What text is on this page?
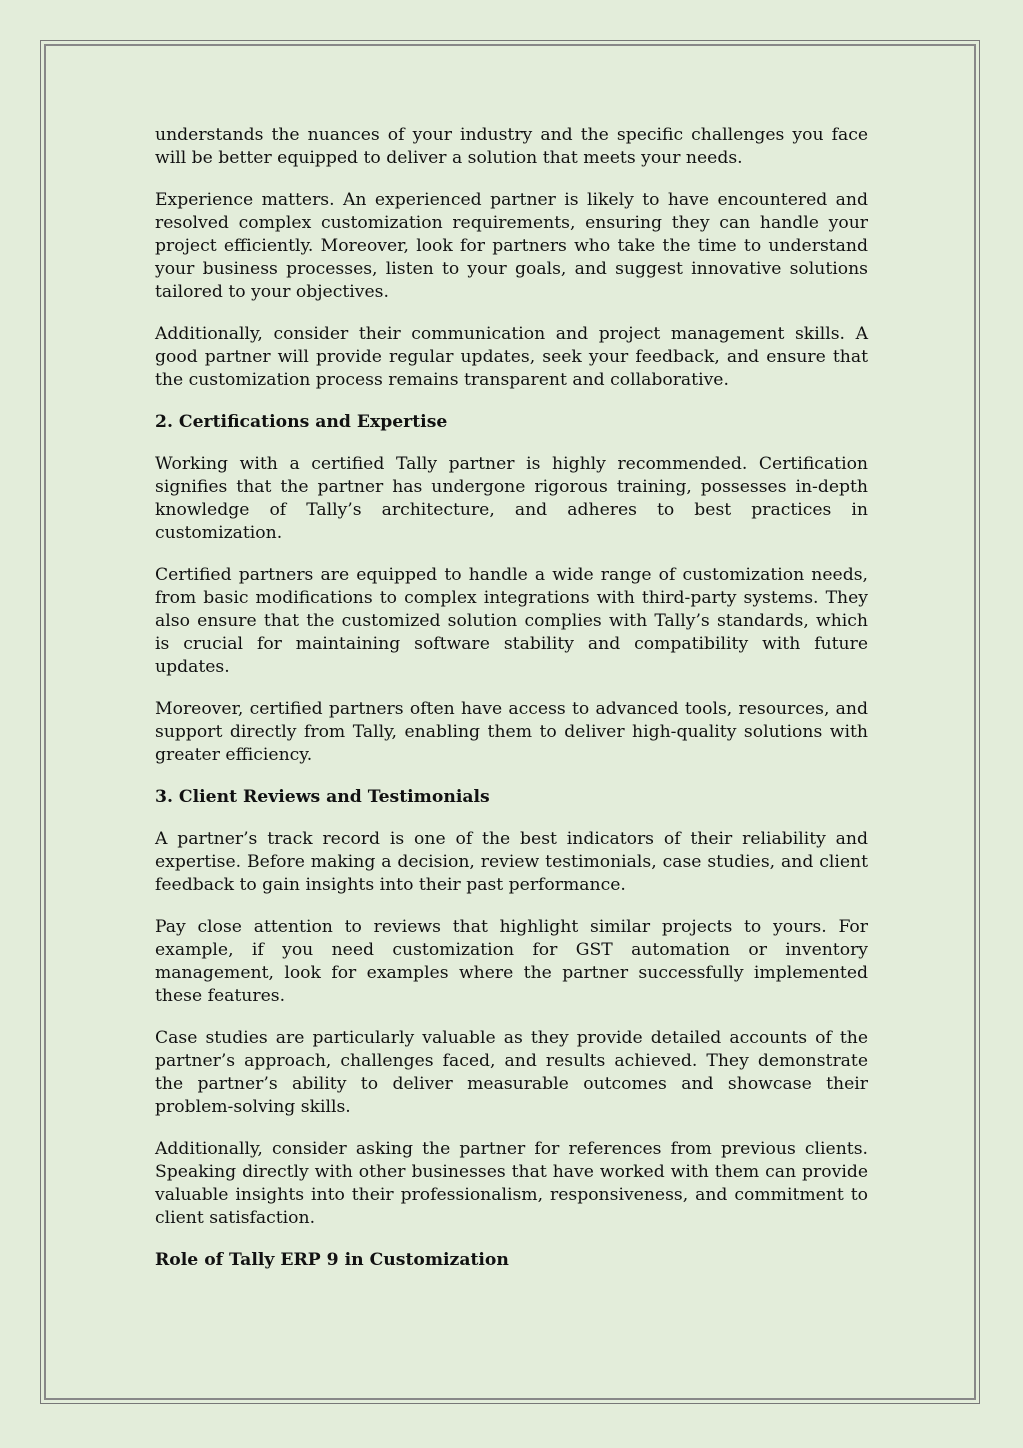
understands the nuances of your industry and the specific challenges you face will be better equipped to deliver a solution that meets your needs.

Experience matters. An experienced partner is likely to have encountered and resolved complex customization requirements, ensuring they can handle your project efficiently. Moreover, look for partners who take the time to understand your business processes, listen to your goals, and suggest innovative solutions tailored to your objectives.

Additionally, consider their communication and project management skills. A good partner will provide regular updates, seek your feedback, and ensure that the customization process remains transparent and collaborative.

2. Certifications and Expertise

Working with a certified Tally partner is highly recommended. Certification signifies that the partner has undergone rigorous training, possesses in-depth knowledge of Tally’s architecture, and adheres to best practices in customization.

Certified partners are equipped to handle a wide range of customization needs, from basic modifications to complex integrations with third-party systems. They also ensure that the customized solution complies with Tally’s standards, which is crucial for maintaining software stability and compatibility with future updates.

Moreover, certified partners often have access to advanced tools, resources, and support directly from Tally, enabling them to deliver high-quality solutions with greater efficiency.

3. Client Reviews and Testimonials

A partner’s track record is one of the best indicators of their reliability and expertise. Before making a decision, review testimonials, case studies, and client feedback to gain insights into their past performance.

Pay close attention to reviews that highlight similar projects to yours. For example, if you need customization for GST automation or inventory management, look for examples where the partner successfully implemented these features.

Case studies are particularly valuable as they provide detailed accounts of the partner’s approach, challenges faced, and results achieved. They demonstrate the partner’s ability to deliver measurable outcomes and showcase their problem-solving skills.

Additionally, consider asking the partner for references from previous clients. Speaking directly with other businesses that have worked with them can provide valuable insights into their professionalism, responsiveness, and commitment to client satisfaction.

Role of Tally ERP 9 in Customization
